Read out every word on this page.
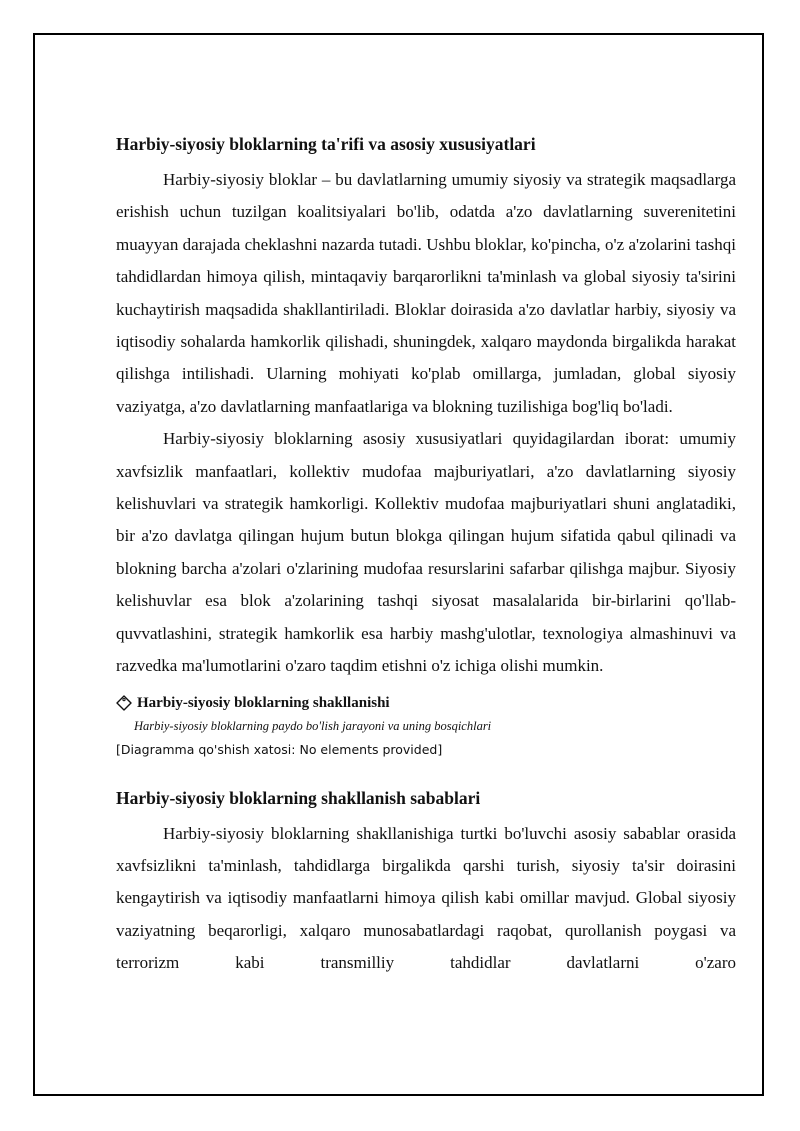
Harbiy-siyosiy bloklarning ta'rifi va asosiy xususiyatlari

Harbiy-siyosiy bloklar – bu davlatlarning umumiy siyosiy va strategik maqsadlarga erishish uchun tuzilgan koalitsiyalari bo'lib, odatda a'zo davlatlarning suverenitetini muayyan darajada cheklashni nazarda tutadi. Ushbu bloklar, ko'pincha, o'z a'zolarini tashqi tahdidlardan himoya qilish, mintaqaviy barqarorlikni ta'minlash va global siyosiy ta'sirini kuchaytirish maqsadida shakllantiriladi. Bloklar doirasida a'zo davlatlar harbiy, siyosiy va iqtisodiy sohalarda hamkorlik qilishadi, shuningdek, xalqaro maydonda birgalikda harakat qilishga intilishadi. Ularning mohiyati ko'plab omillarga, jumladan, global siyosiy vaziyatga, a'zo davlatlarning manfaatlariga va blokning tuzilishiga bog'liq bo'ladi.

Harbiy-siyosiy bloklarning asosiy xususiyatlari quyidagilardan iborat: umumiy xavfsizlik manfaatlari, kollektiv mudofaa majburiyatlari, a'zo davlatlarning siyosiy kelishuvlari va strategik hamkorligi. Kollektiv mudofaa majburiyatlari shuni anglatadiki, bir a'zo davlatga qilingan hujum butun blokga qilingan hujum sifatida qabul qilinadi va blokning barcha a'zolari o'zlarining mudofaa resurslarini safarbar qilishga majbur. Siyosiy kelishuvlar esa blok a'zolarining tashqi siyosat masalalarida bir-birlarini qo'llab-quvvatlashini, strategik hamkorlik esa harbiy mashg'ulotlar, texnologiya almashinuvi va razvedka ma'lumotlarini o'zaro taqdim etishni o'z ichiga olishi mumkin.

Harbiy-siyosiy bloklarning shakllanishi
Harbiy-siyosiy bloklarning paydo bo'lish jarayoni va uning bosqichlari
[Diagramma qo'shish xatosi: No elements provided]
Harbiy-siyosiy bloklarning shakllanish sabablari

Harbiy-siyosiy bloklarning shakllanishiga turtki bo'luvchi asosiy sabablar orasida xavfsizlikni ta'minlash, tahdidlarga birgalikda qarshi turish, siyosiy ta'sir doirasini kengaytirish va iqtisodiy manfaatlarni himoya qilish kabi omillar mavjud. Global siyosiy vaziyatning beqarorligi, xalqaro munosabatlardagi raqobat, qurollanish poygasi va terrorizm kabi transmilliy tahdidlar davlatlarni o'zaro
